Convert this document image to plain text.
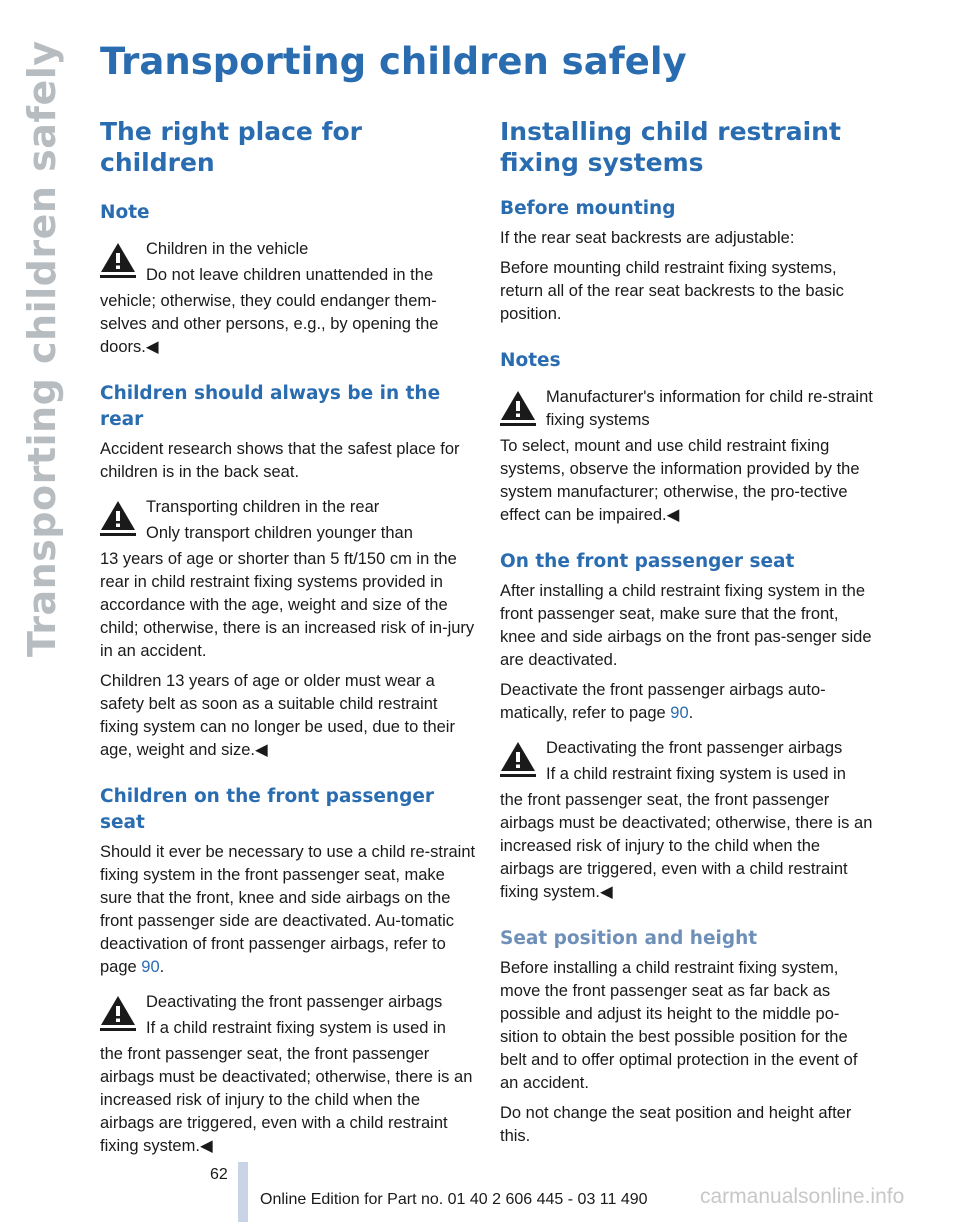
Transporting children safely Transporting children safely
The right place for children
Note

Children in the vehicle

Do not leave children unattended in the

vehicle; otherwise, they could endanger them-selves and other persons, e.g., by opening the doors.◀

Children should always be in the rear

Accident research shows that the safest place for children is in the back seat.

Transporting children in the rear

Only transport children younger than

13 years of age or shorter than 5 ft/150 cm in the rear in child restraint fixing systems provided in accordance with the age, weight and size of the child; otherwise, there is an increased risk of in-jury in an accident.

Children 13 years of age or older must wear a safety belt as soon as a suitable child restraint fixing system can no longer be used, due to their age, weight and size.◀

Children on the front passenger seat

Should it ever be necessary to use a child re-straint fixing system in the front passenger seat, make sure that the front, knee and side airbags on the front passenger side are deactivated. Au-tomatic deactivation of front passenger airbags, refer to page 90.

Deactivating the front passenger airbags

If a child restraint fixing system is used in

the front passenger seat, the front passenger airbags must be deactivated; otherwise, there is an increased risk of injury to the child when the airbags are triggered, even with a child restraint fixing system.◀

Installing child restraint fixing systems
Before mounting

If the rear seat backrests are adjustable:

Before mounting child restraint fixing systems, return all of the rear seat backrests to the basic position.

Notes

Manufacturer's information for child re-straint fixing systems

To select, mount and use child restraint fixing systems, observe the information provided by the system manufacturer; otherwise, the pro-tective effect can be impaired.◀

On the front passenger seat

After installing a child restraint fixing system in the front passenger seat, make sure that the front, knee and side airbags on the front pas-senger side are deactivated.

Deactivate the front passenger airbags auto-matically, refer to page 90.

Deactivating the front passenger airbags

If a child restraint fixing system is used in

the front passenger seat, the front passenger airbags must be deactivated; otherwise, there is an increased risk of injury to the child when the airbags are triggered, even with a child restraint fixing system.◀

Seat position and height

Before installing a child restraint fixing system, move the front passenger seat as far back as possible and adjust its height to the middle po-sition to obtain the best possible position for the belt and to offer optimal protection in the event of an accident.

Do not change the seat position and height after this.

62
Online Edition for Part no. 01 40 2 606 445 - 03 11 490 carmanualsonline.info
